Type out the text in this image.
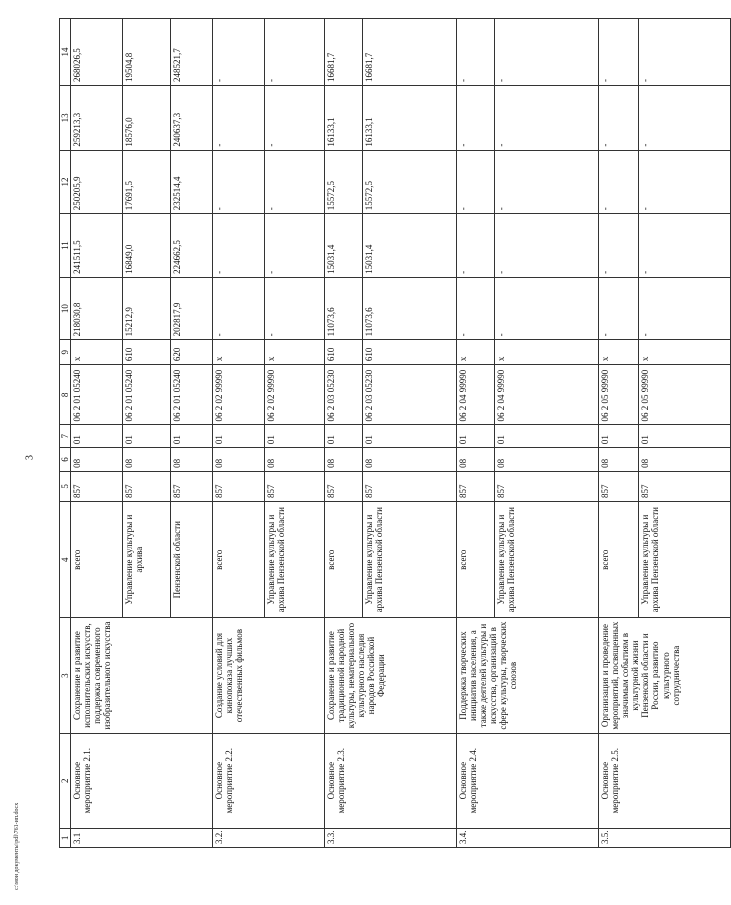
3
1	2	3	4	5	6	7	8	9	10	11	12	13	14
3.1	Основное мероприятие 2.1.	Сохранение и развитие исполнительских искусств, поддержка современного изобразительного искусства	всего	857	08	01	06 2 01 05240	х	218030,8	241511,5	250205,9	259213,3	268026,5
			Управление культуры и архива	857	08	01	06 2 01 05240	610	15212,9	16849,0	17691,5	18576,0	19504,8
			Пензенской области	857	08	01	06 2 01 05240	620	202817,9	224662,5	232514,4	240637,3	248521,7
3.2.	Основное мероприятие 2.2.	Создание условий для кинопоказа лучших отечественных фильмов	всего	857	08	01	06 2 02 99990	х	-	-	-	-	-
			Управление культуры и архива Пензенской области	857	08	01	06 2 02 99990	х	-	-	-	-	-
3.3.	Основное мероприятие 2.3.	Сохранение и развитие традиционной народной культуры, нематериального культурного наследия народов Российской Федерации	всего	857	08	01	06 2 03 05230	610	11073,6	15031,4	15572,5	16133,1	16681,7
			Управление культуры и архива Пензенской области	857	08	01	06 2 03 05230	610	11073,6	15031,4	15572,5	16133,1	16681,7
3.4.	Основное мероприятие 2.4.	Поддержка творческих инициатив населения, а также деятелей культуры и искусства, организаций в сфере культуры, творческих союзов	всего	857	08	01	06 2 04 99990	х	-	-	-	-	-
			Управление культуры и архива Пензенской области	857	08	01	06 2 04 99990	х	-	-	-	-	-
3.5.	Основное мероприятие 2.5.	Организация и проведение мероприятий, посвященных значимым событиям в культурной жизни Пензенской области и России, развитию культурного сотрудничества	всего	857	08	01	06 2 05 99990	х	-	-	-	-	-
			Управление культуры и архива Пензенской области	857	08	01	06 2 05 99990	х	-	-	-	-	-
c:\мои документы\pdl\761-ип.docx
